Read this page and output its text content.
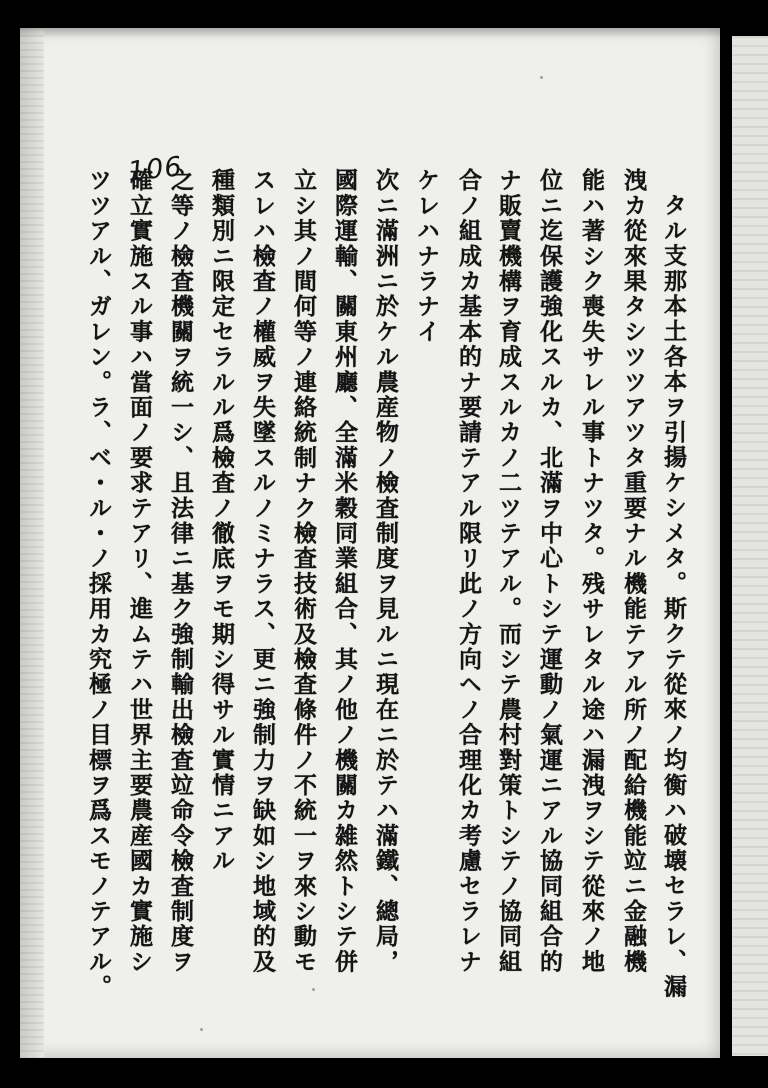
106
タル支那本土各本ヲ引揚ケシメタ。斯クテ從來ノ均衡ハ破壊セラレ、漏
洩カ從來果タシツツアツタ重要ナル機能テアル所ノ配給機能竝ニ金融機
能ハ著シク喪失サレル事トナツタ。残サレタル途ハ漏洩ヲシテ從來ノ地
位ニ迄保護強化スルカ、北滿ヲ中心トシテ運動ノ氣運ニアル協同組合的
ナ販賣機構ヲ育成スルカノ二ツテアル。而シテ農村對策トシテノ協同組
合ノ組成カ基本的ナ要請テアル限リ此ノ方向ヘノ合理化カ考慮セラレナ
ケレハナラナイ
次ニ滿洲ニ於ケル農産物ノ檢査制度ヲ見ルニ現在ニ於テハ滿鐵、總局，
國際運輸、關東州廳、全滿米穀同業組合、其ノ他ノ機關カ雑然トシテ併
立シ其ノ間何等ノ連絡統制ナク檢査技術及檢査條件ノ不統一ヲ來シ動モ
スレハ檢査ノ權威ヲ失墜スルノミナラス、更ニ強制力ヲ缺如シ地域的及
種類別ニ限定セラルル爲檢査ノ徹底ヲモ期シ得サル實情ニアル
之等ノ檢査機關ヲ統一シ、且法律ニ基ク強制輸出檢査竝命令檢査制度ヲ
確立實施スル事ハ當面ノ要求テアリ、進ムテハ世界主要農産國カ實施シ
ツツアル、ガレン。ラ、ベ・ル・ノ採用カ究極ノ目標ヲ爲スモノテアル。
